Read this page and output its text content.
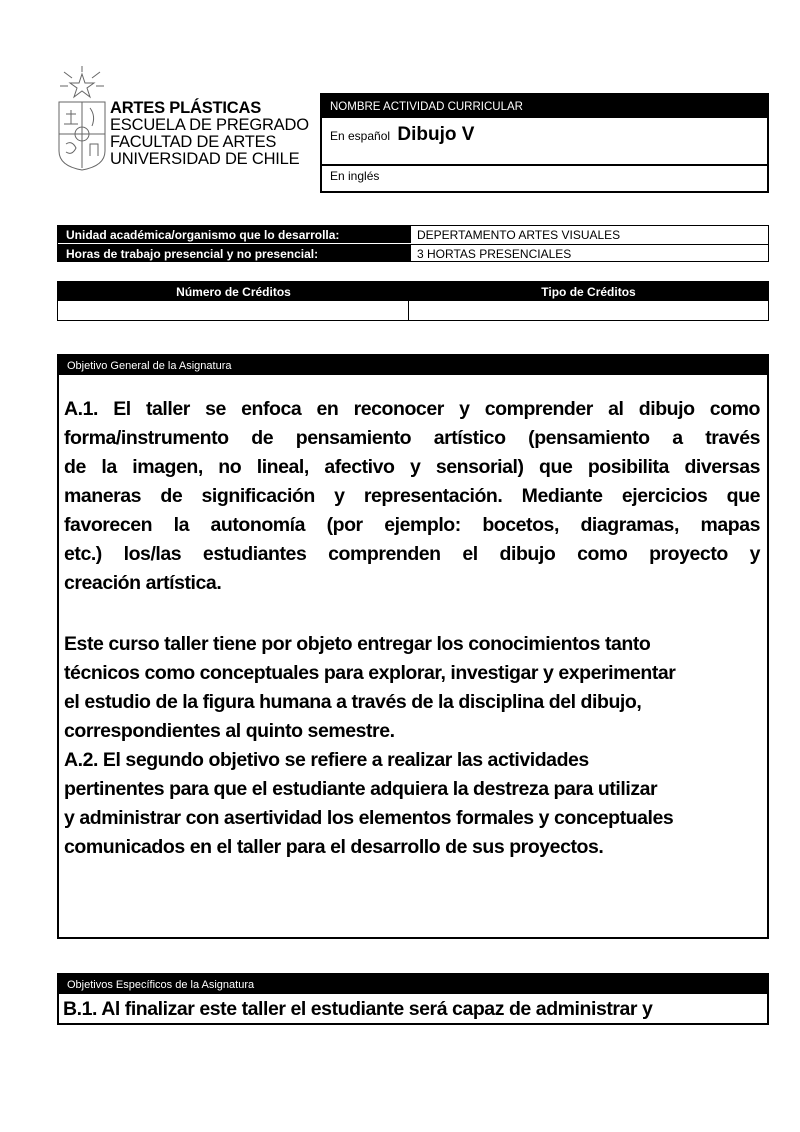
ARTES PLÁSTICAS
ESCUELA DE PREGRADO
FACULTAD DE ARTES
UNIVERSIDAD DE CHILE
NOMBRE ACTIVIDAD CURRICULAR
En español Dibujo V
En inglés
Unidad académica/organismo que lo desarrolla:	DEPERTAMENTO ARTES VISUALES
Horas de trabajo presencial y no presencial:	3 HORTAS PRESENCIALES
Número de Créditos	Tipo de Créditos
Objetivo General de la Asignatura
A.1. El taller se enfoca en reconocer y comprender al dibujo como
forma/instrumento de pensamiento artístico (pensamiento a través
de la imagen, no lineal, afectivo y sensorial) que posibilita diversas
maneras de significación y representación. Mediante ejercicios que
favorecen la autonomía (por ejemplo: bocetos, diagramas, mapas
etc.) los/las estudiantes comprenden el dibujo como proyecto y
creación artística.
Este curso taller tiene por objeto entregar los conocimientos tanto
técnicos como conceptuales para explorar, investigar y experimentar
el estudio de la figura humana a través de la disciplina del dibujo,
correspondientes al quinto semestre.
A.2. El segundo objetivo se refiere a realizar las actividades
pertinentes para que el estudiante adquiera la destreza para utilizar
y administrar con asertividad los elementos formales y conceptuales
comunicados en el taller para el desarrollo de sus proyectos.
Objetivos Específicos de la Asignatura
B.1. Al finalizar este taller el estudiante será capaz de administrar y
